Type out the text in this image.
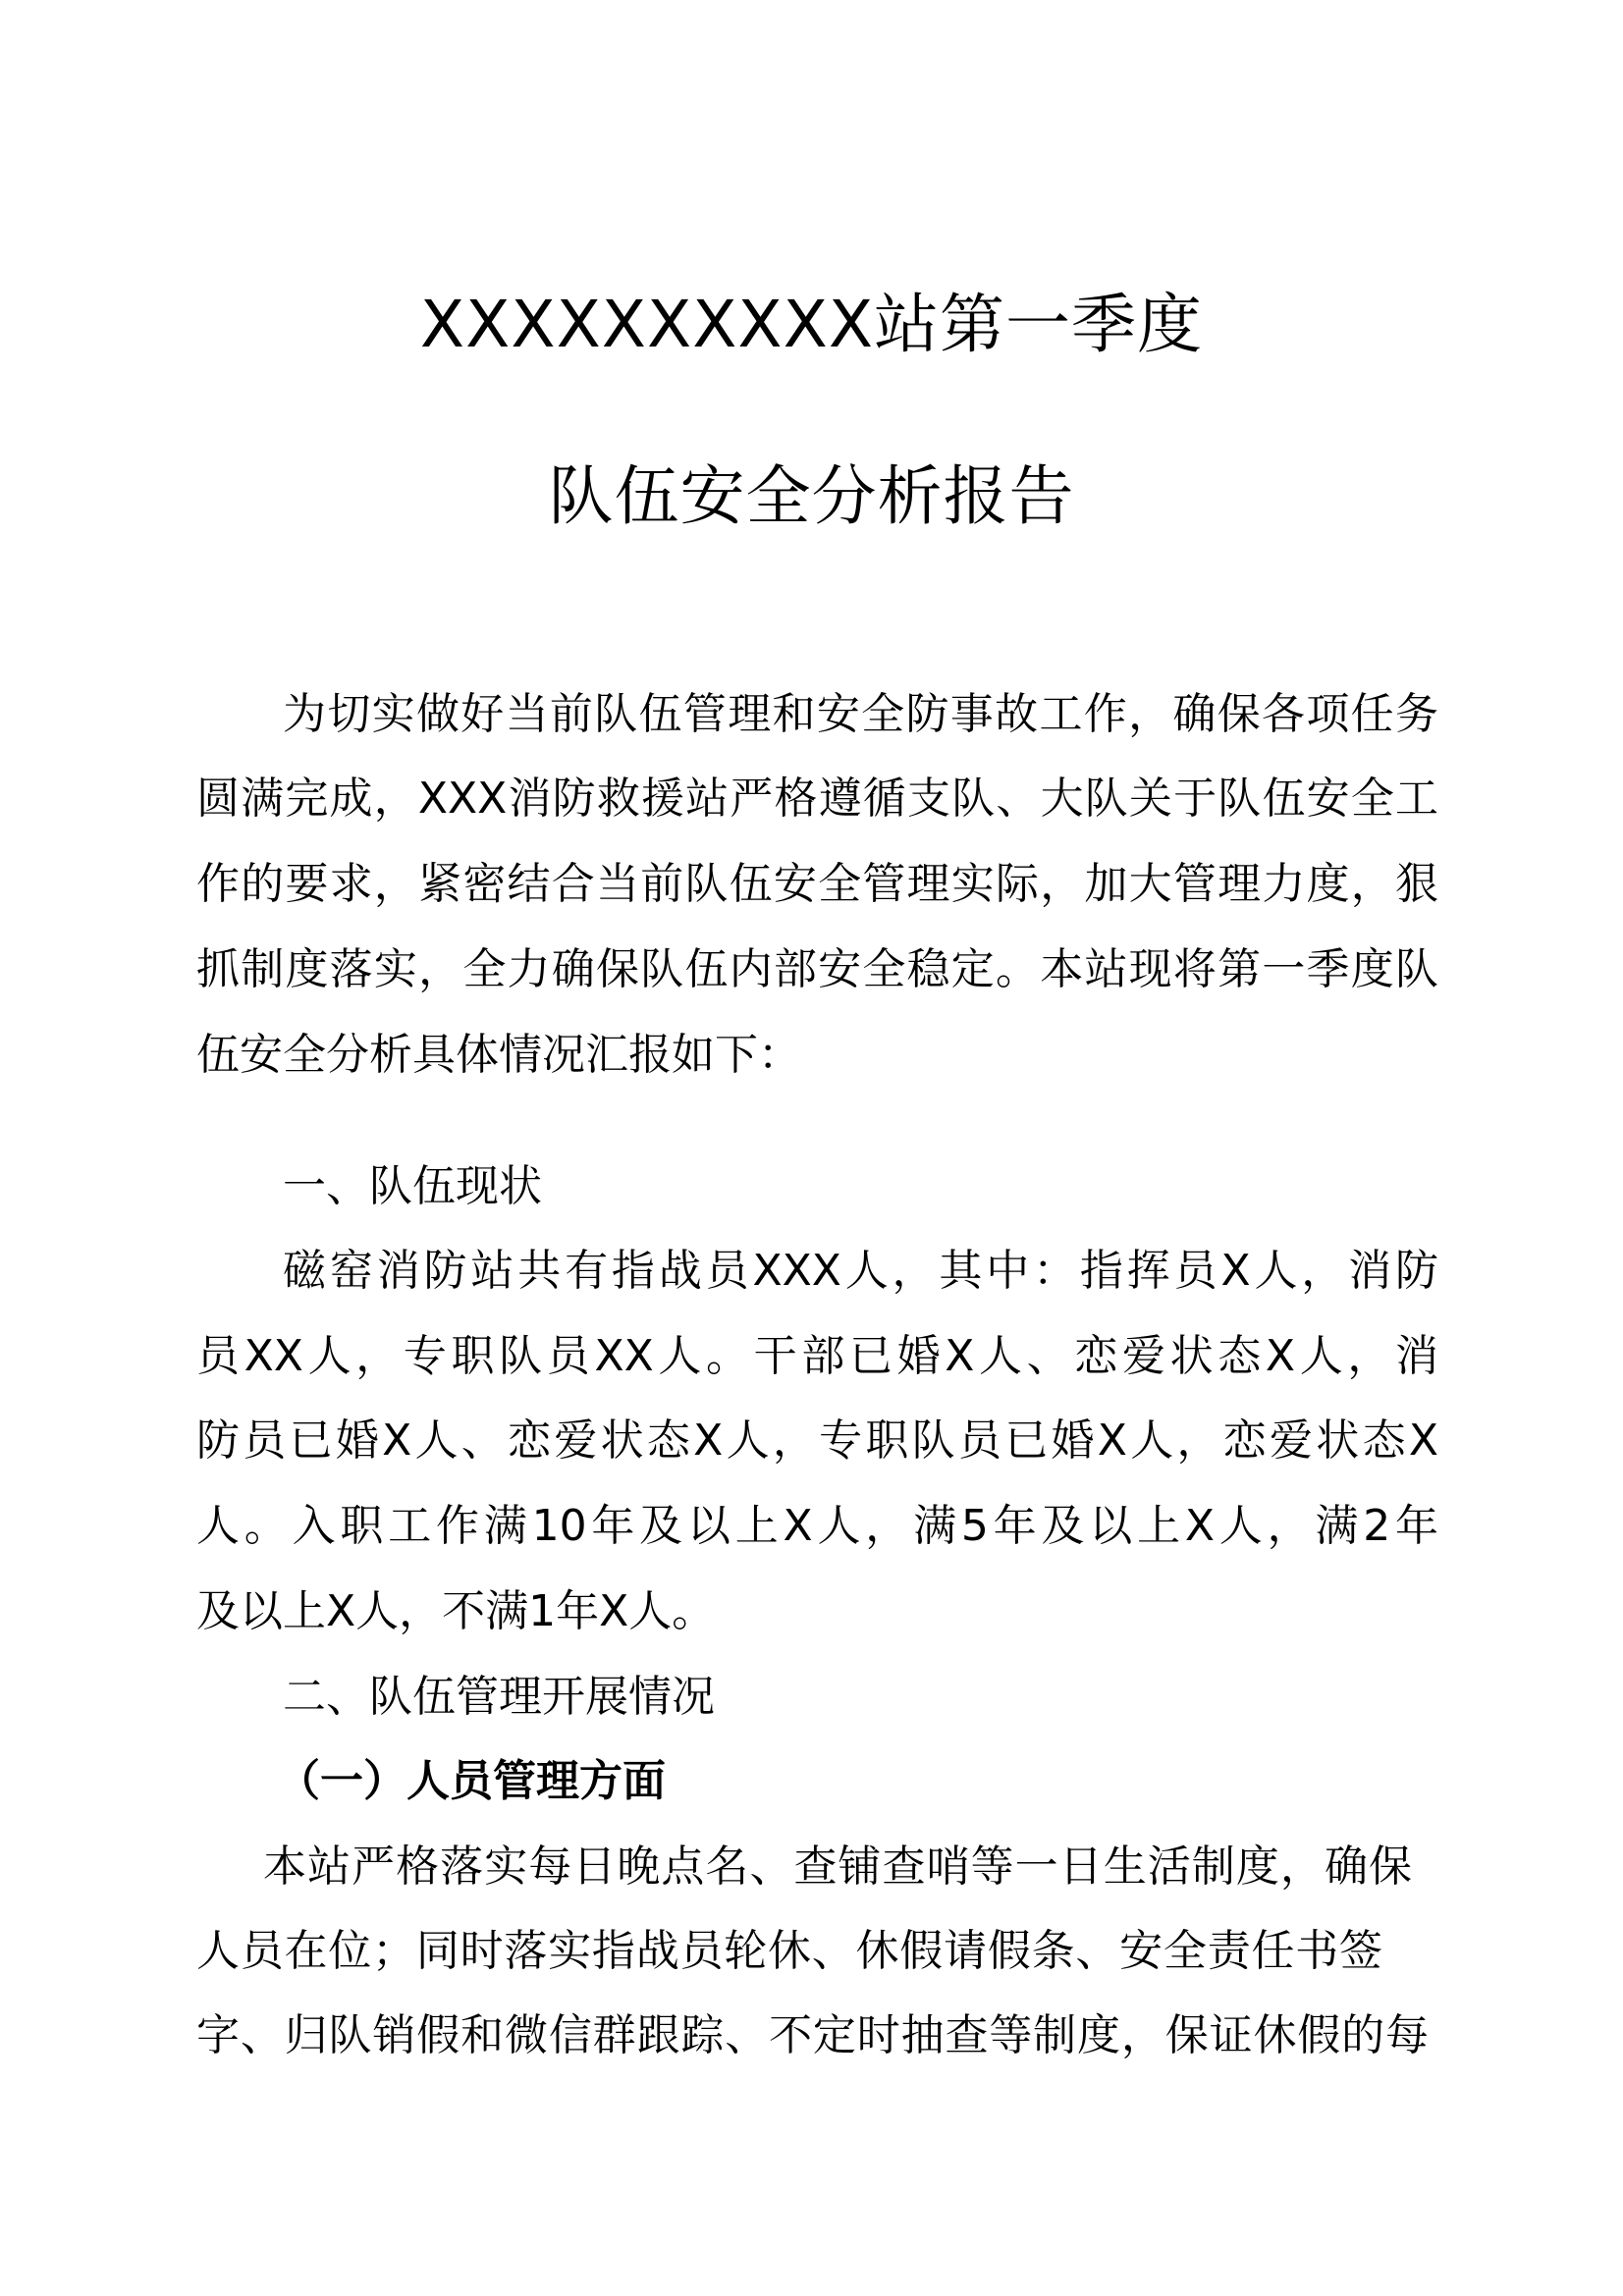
XXXXXXXXXX站第一季度
队伍安全分析报告
为切实做好当前队伍管理和安全防事故工作，确保各项任务
圆满完成，XXX消防救援站严格遵循支队、大队关于队伍安全工
作的要求，紧密结合当前队伍安全管理实际，加大管理力度，狠
抓制度落实，全力确保队伍内部安全稳定。本站现将第一季度队
伍安全分析具体情况汇报如下：
一、队伍现状
磁窑消防站共有指战员XXX人，其中：指挥员X人，消防
员XX人，专职队员XX人。干部已婚X人、恋爱状态X人，消
防员已婚X人、恋爱状态X人，专职队员已婚X人，恋爱状态X
人。入职工作满10年及以上X人，满5年及以上X人，满2年
及以上X人，不满1年X人。
二、队伍管理开展情况
（一）人员管理方面
本站严格落实每日晚点名、查铺查哨等一日生活制度，确保
人员在位；同时落实指战员轮休、休假请假条、安全责任书签
字、归队销假和微信群跟踪、不定时抽查等制度，保证休假的每
